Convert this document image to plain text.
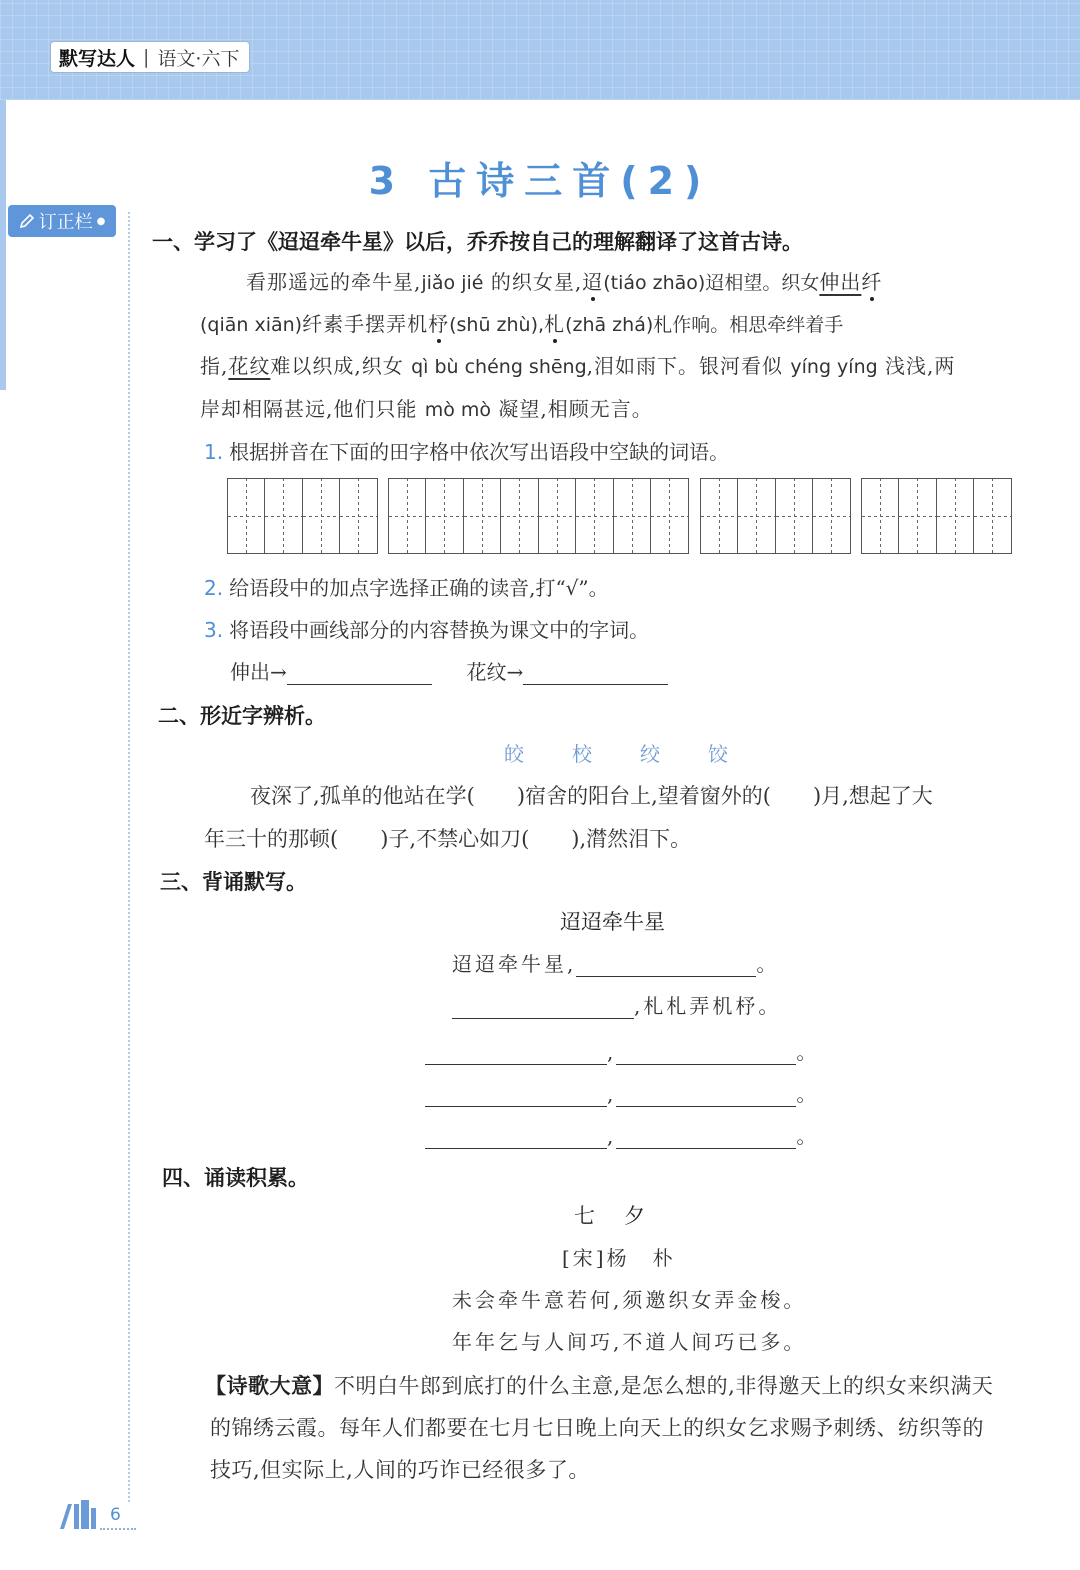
默写达人 | 语文·六下
订正栏 ●
3 古诗三首(2)
一、学习了《迢迢牵牛星》以后，乔乔按自己的理解翻译了这首古诗。
看那遥远的牵牛星,jiǎo jié 的织女星,迢(tiáo zhāo)迢相望。织女伸出纤
(qiān xiān)纤素手摆弄机杼(shū zhù),札(zhā zhá)札作响。相思牵绊着手
指,花纹难以织成,织女 qì bù chéng shēng,泪如雨下。银河看似 yíng yíng 浅浅,两
岸却相隔甚远,他们只能 mò mò 凝望,相顾无言。
1. 根据拼音在下面的田字格中依次写出语段中空缺的词语。
2. 给语段中的加点字选择正确的读音,打“√”。
3. 将语段中画线部分的内容替换为课文中的字词。
伸出→	花纹→
二、形近字辨析。
皎 校 绞 饺
夜深了,孤单的他站在学( )宿舍的阳台上,望着窗外的( )月,想起了大
年三十的那顿( )子,不禁心如刀( ),潸然泪下。
三、背诵默写。
迢迢牵牛星
迢迢牵牛星,	。
,札札弄机杼。
,	。
,	。
,	。
四、诵读积累。
七　夕
[宋]杨　朴
未会牵牛意若何,须邀织女弄金梭。
年年乞与人间巧,不道人间巧已多。
【诗歌大意】不明白牛郎到底打的什么主意,是怎么想的,非得邀天上的织女来织满天
的锦绣云霞。每年人们都要在七月七日晚上向天上的织女乞求赐予刺绣、纺织等的
技巧,但实际上,人间的巧诈已经很多了。
6
